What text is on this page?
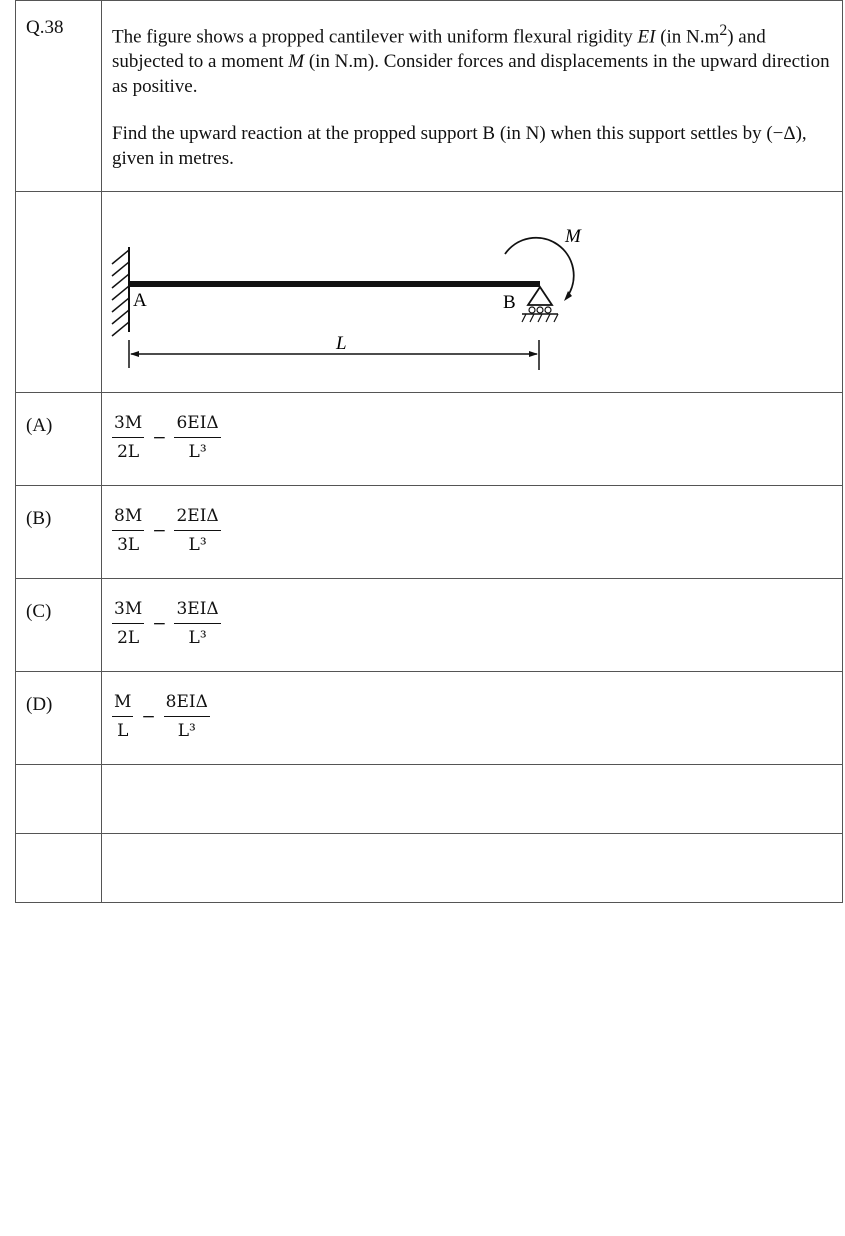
Q.38	The figure shows a propped cantilever with uniform flexural rigidity EI (in $N.m^2$) and subjected to a moment M (in N.m). Consider forces and displacements in the upward direction as positive.

Find the upward reaction at the propped support B (in N) when this support settles by (−Δ), given in metres.

A B
L
M

(A)	$\frac{3M}{2L} - \frac{\text{6EIΔ}}{\text{L³}}$

(B)	$\frac{8M}{3L} - \frac{\text{2EIΔ}}{\text{L³}}$

(C)	$\frac{3M}{2L} - \frac{\text{3EIΔ}}{\text{L³}}$

(D)	$\frac{M}{L} - \frac{\text{8EIΔ}}{\text{L³}}$
